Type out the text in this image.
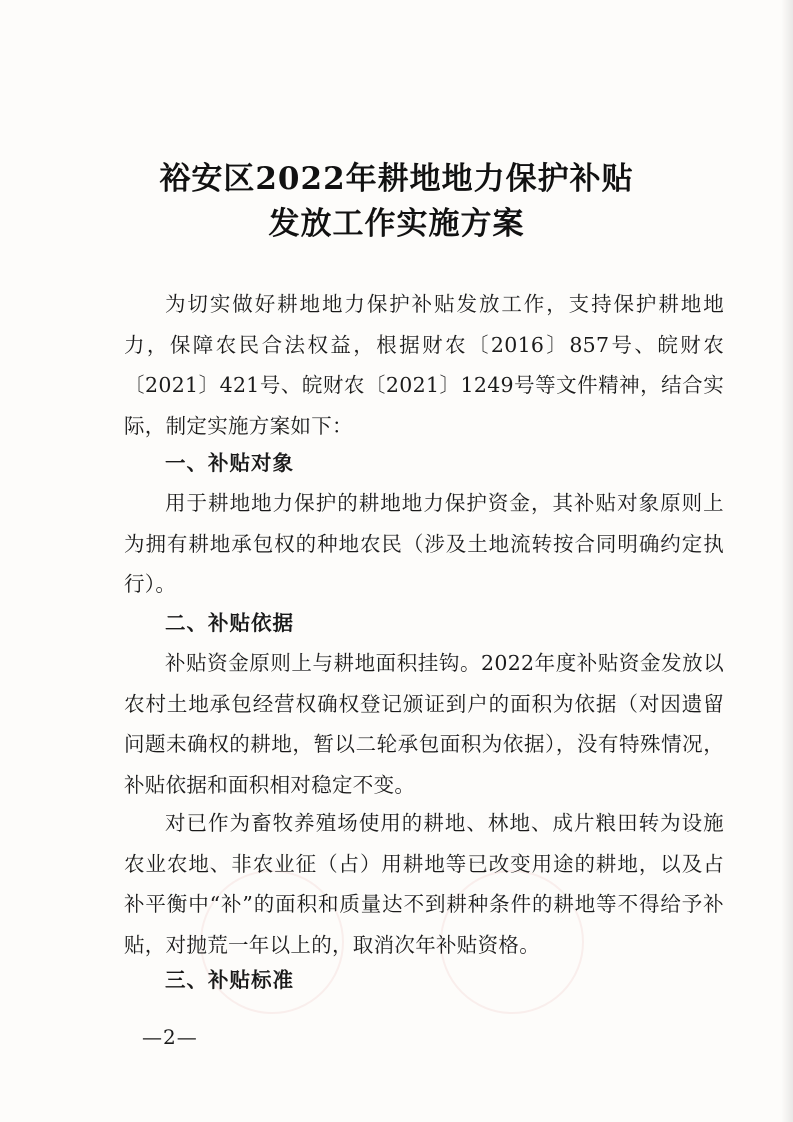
裕安区2022年耕地地力保护补贴
发放工作实施方案
为切实做好耕地地力保护补贴发放工作，支持保护耕地地力，保障农民合法权益，根据财农〔2016〕857号、皖财农〔2021〕421号、皖财农〔2021〕1249号等文件精神，结合实际，制定实施方案如下：
一、补贴对象
用于耕地地力保护的耕地地力保护资金，其补贴对象原则上为拥有耕地承包权的种地农民（涉及土地流转按合同明确约定执行）。
二、补贴依据
补贴资金原则上与耕地面积挂钩。2022年度补贴资金发放以农村土地承包经营权确权登记颁证到户的面积为依据（对因遗留问题未确权的耕地，暂以二轮承包面积为依据），没有特殊情况，补贴依据和面积相对稳定不变。
对已作为畜牧养殖场使用的耕地、林地、成片粮田转为设施农业农地、非农业征（占）用耕地等已改变用途的耕地，以及占补平衡中“补”的面积和质量达不到耕种条件的耕地等不得给予补贴，对抛荒一年以上的，取消次年补贴资格。
三、补贴标准
—2—
